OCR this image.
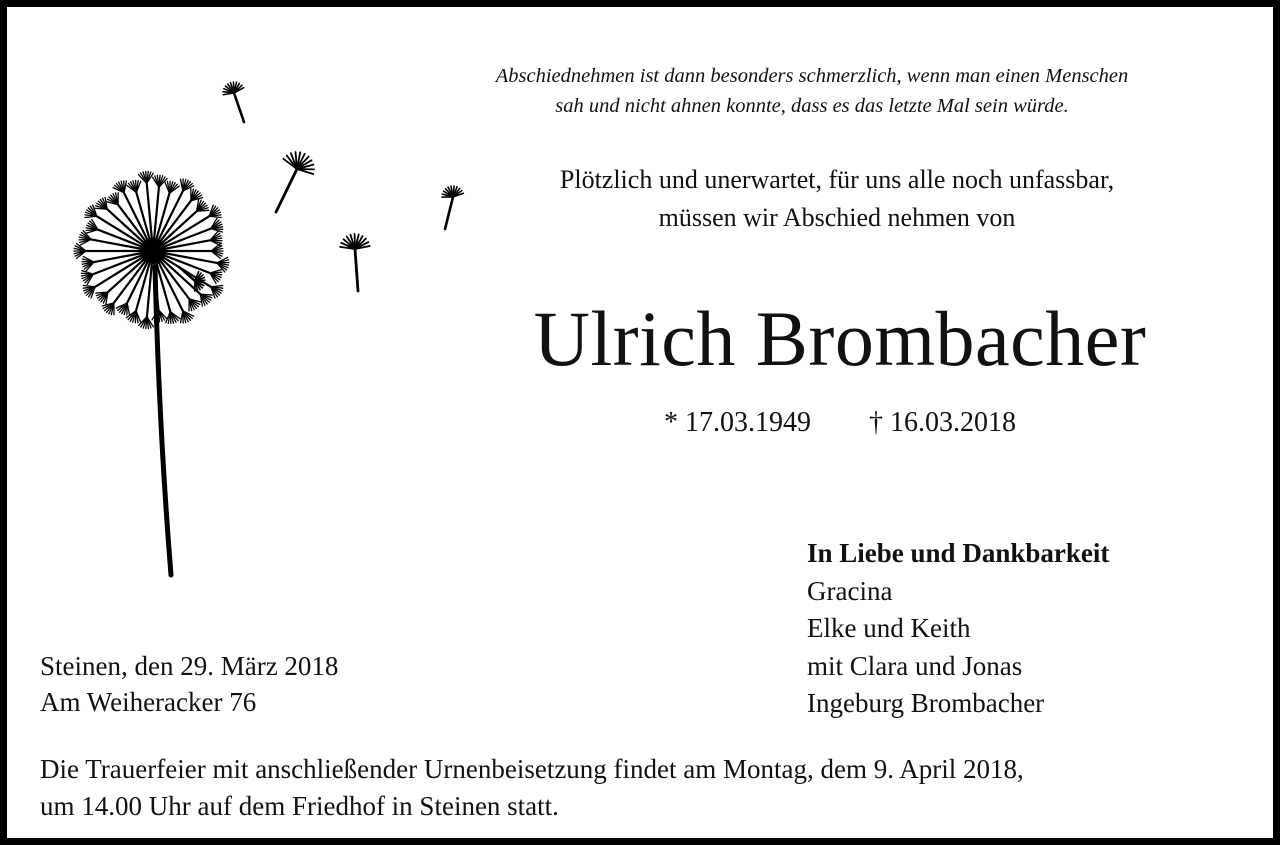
Abschiednehmen ist dann besonders schmerzlich, wenn man einen Menschen
sah und nicht ahnen konnte, dass es das letzte Mal sein würde.
Plötzlich und unerwartet, für uns alle noch unfassbar,
müssen wir Abschied nehmen von
Ulrich Brombacher
* 17.03.1949 † 16.03.2018
In Liebe und Dankbarkeit
Gracina
Elke und Keith
mit Clara und Jonas
Ingeburg Brombacher
Steinen, den 29. März 2018
Am Weiheracker 76
Die Trauerfeier mit anschließender Urnenbeisetzung findet am Montag, dem 9. April 2018,
um 14.00 Uhr auf dem Friedhof in Steinen statt.
